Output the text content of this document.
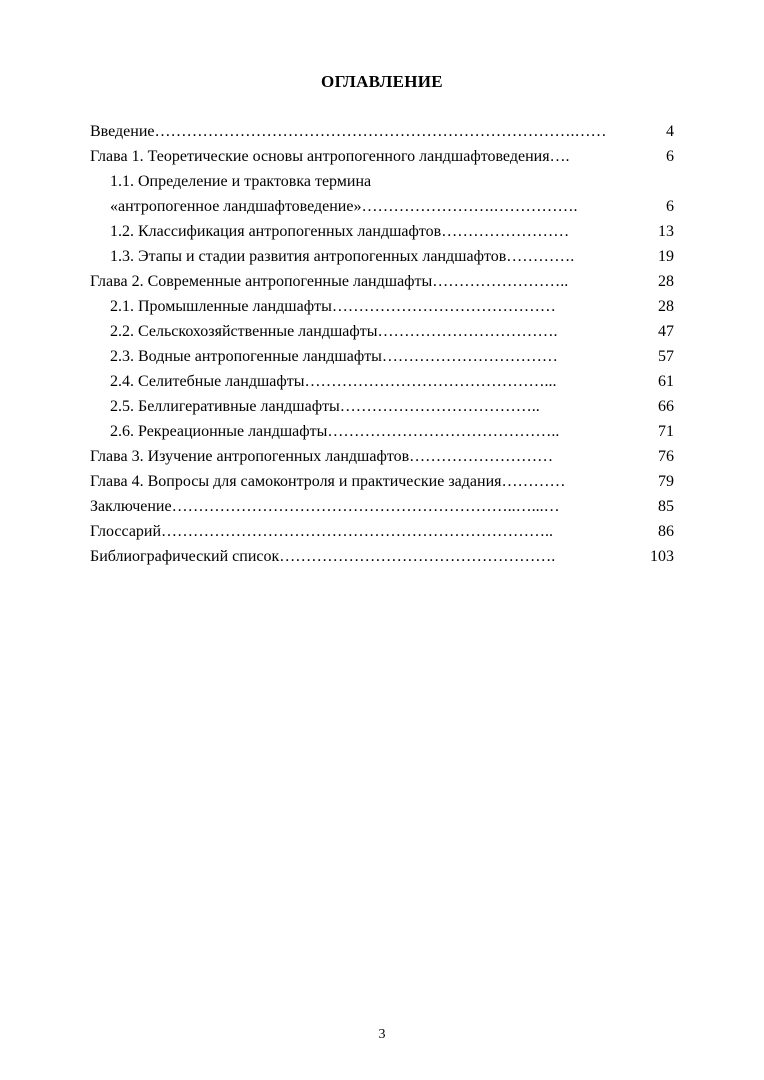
ОГЛАВЛЕНИЕ
Введение…………………………………………………………………….……	4
Глава 1. Теоретические основы антропогенного ландшафтоведения….	6
1.1. Определение и трактовка термина
«антропогенное ландшафтоведение»…………………….…………….	6
1.2. Классификация антропогенных ландшафтов……………………	13
1.3. Этапы и стадии развития антропогенных ландшафтов………….	19
Глава 2. Современные антропогенные ландшафты……………………..	28
2.1. Промышленные ландшафты……………………………………	28
2.2. Сельскохозяйственные ландшафты…………………………….	47
2.3. Водные антропогенные ландшафты……………………………	57
2.4. Селитебные ландшафты………………………………………...	61
2.5. Беллигеративные ландшафты………………………………..	66
2.6. Рекреационные ландшафты……………………………………..	71
Глава 3. Изучение антропогенных ландшафтов………………………	76
Глава 4. Вопросы для самоконтроля и практические задания…………	79
Заключение………………………………………………………..…...…	85
Глоссарий………………………………………………………………..	86
Библиографический список…………………………………………….	103
3
